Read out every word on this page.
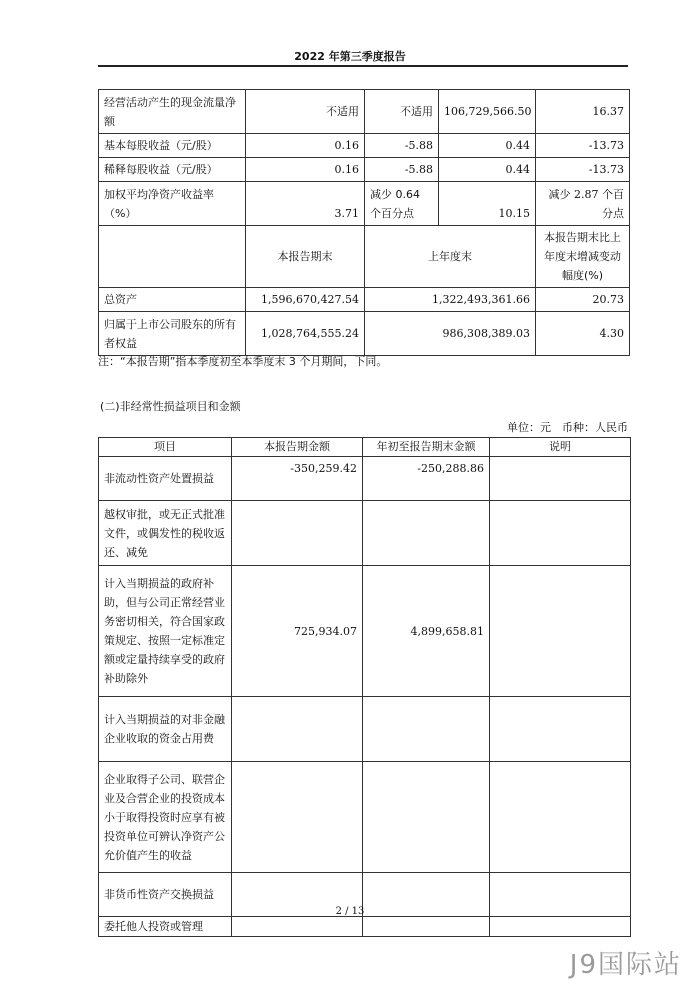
2022 年第三季度报告
经营活动产生的现金流量净额	不适用	不适用	106,729,566.50	16.37
基本每股收益（元/股）	0.16	-5.88	0.44	-13.73
稀释每股收益（元/股）	0.16	-5.88	0.44	-13.73
加权平均净资产收益率（%）	3.71	减少 0.64 个百分点	10.15	减少 2.87 个百分点
	本报告期末	上年度末		本报告期末比上年度末增减变动幅度(%)
总资产	1,596,670,427.54	1,322,493,361.66		20.73
归属于上市公司股东的所有者权益	1,028,764,555.24	986,308,389.03		4.30
注：“本报告期”指本季度初至本季度末 3 个月期间，下同。
(二)非经常性损益项目和金额
单位：元　币种：人民币
项目	本报告期金额	年初至报告期末金额	说明
非流动性资产处置损益	-350,259.42	-250,288.86	
越权审批，或无正式批准文件，或偶发性的税收返还、减免			
计入当期损益的政府补助，但与公司正常经营业务密切相关，符合国家政策规定、按照一定标准定额或定量持续享受的政府补助除外	725,934.07	4,899,658.81	
计入当期损益的对非金融企业收取的资金占用费			
企业取得子公司、联营企业及合营企业的投资成本小于取得投资时应享有被投资单位可辨认净资产公允价值产生的收益			
非货币性资产交换损益			
委托他人投资或管理			
2 / 13
J9国际站
